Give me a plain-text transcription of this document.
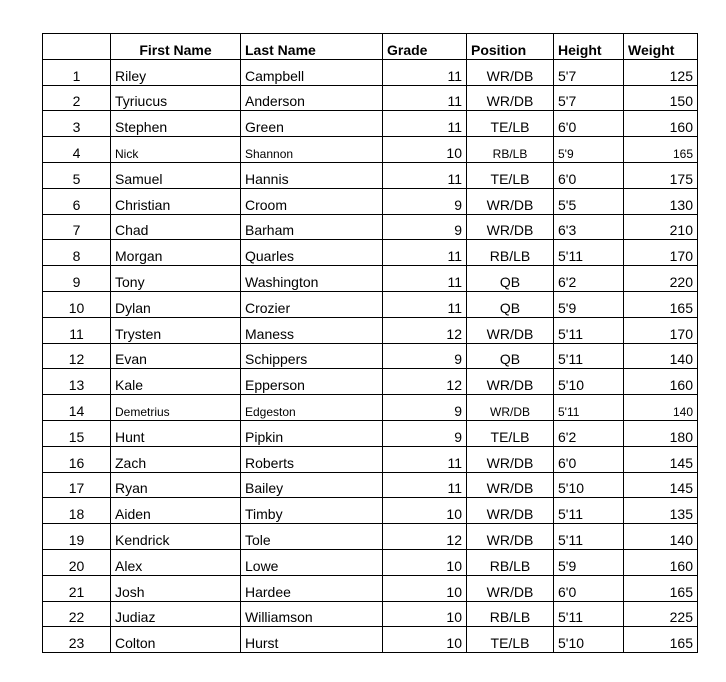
	First Name	Last Name	Grade	Position	Height	Weight
1	Riley	Campbell	11	WR/DB	5'7	125
2	Tyriucus	Anderson	11	WR/DB	5'7	150
3	Stephen	Green	11	TE/LB	6'0	160
4	Nick	Shannon	10	RB/LB	5'9	165
5	Samuel	Hannis	11	TE/LB	6'0	175
6	Christian	Croom	9	WR/DB	5'5	130
7	Chad	Barham	9	WR/DB	6'3	210
8	Morgan	Quarles	11	RB/LB	5'11	170
9	Tony	Washington	11	QB	6'2	220
10	Dylan	Crozier	11	QB	5'9	165
11	Trysten	Maness	12	WR/DB	5'11	170
12	Evan	Schippers	9	QB	5'11	140
13	Kale	Epperson	12	WR/DB	5'10	160
14	Demetrius	Edgeston	9	WR/DB	5'11	140
15	Hunt	Pipkin	9	TE/LB	6'2	180
16	Zach	Roberts	11	WR/DB	6'0	145
17	Ryan	Bailey	11	WR/DB	5'10	145
18	Aiden	Timby	10	WR/DB	5'11	135
19	Kendrick	Tole	12	WR/DB	5'11	140
20	Alex	Lowe	10	RB/LB	5'9	160
21	Josh	Hardee	10	WR/DB	6'0	165
22	Judiaz	Williamson	10	RB/LB	5'11	225
23	Colton	Hurst	10	TE/LB	5'10	165
